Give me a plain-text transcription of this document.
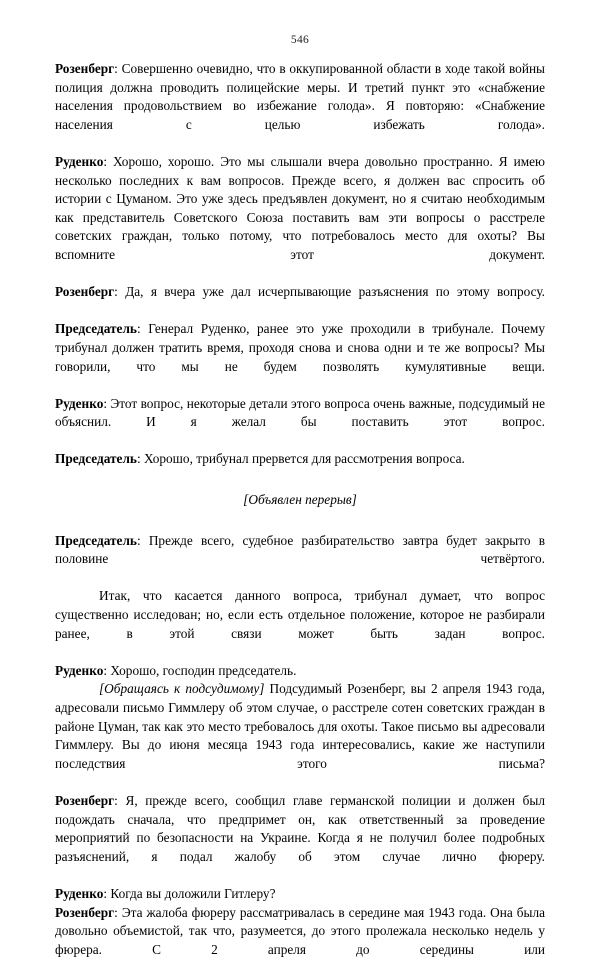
546

Розенберг: Совершенно очевидно, что в оккупированной области в ходе такой войны полиция должна проводить полицейские меры. И третий пункт это «снабжение населения продовольствием во избежание голода». Я повторяю: «Снабжение населения с целью избежать голода».

Руденко: Хорошо, хорошо. Это мы слышали вчера довольно пространно. Я имею несколько последних к вам вопросов. Прежде всего, я должен вас спросить об истории с Цуманом. Это уже здесь предъявлен документ, но я считаю необходимым как представитель Советского Союза поставить вам эти вопросы о расстреле советских граждан, только потому, что потребовалось место для охоты? Вы вспомните этот документ.

Розенберг: Да, я вчера уже дал исчерпывающие разъяснения по этому вопросу.

Председатель: Генерал Руденко, ранее это уже проходили в трибунале. Почему трибунал должен тратить время, проходя снова и снова одни и те же вопросы? Мы говорили, что мы не будем позволять кумулятивные вещи.

Руденко: Этот вопрос, некоторые детали этого вопроса очень важные, подсудимый не объяснил. И я желал бы поставить этот вопрос.

Председатель: Хорошо, трибунал прервется для рассмотрения вопроса.

[Объявлен перерыв]

Председатель: Прежде всего, судебное разбирательство завтра будет закрыто в половине четвёртого.

Итак, что касается данного вопроса, трибунал думает, что вопрос существенно исследован; но, если есть отдельное положение, которое не разбирали ранее, в этой связи может быть задан вопрос.

Руденко: Хорошо, господин председатель.

[Обращаясь к подсудимому] Подсудимый Розенберг, вы 2 апреля 1943 года, адресовали письмо Гиммлеру об этом случае, о расстреле сотен советских граждан в районе Цуман, так как это место требовалось для охоты. Такое письмо вы адресовали Гиммлеру. Вы до июня месяца 1943 года интересовались, какие же наступили последствия этого письма?

Розенберг: Я, прежде всего, сообщил главе германской полиции и должен был подождать сначала, что предпримет он, как ответственный за проведение мероприятий по безопасности на Украине. Когда я не получил более подробных разъяснений, я подал жалобу об этом случае лично фюреру.

Руденко: Когда вы доложили Гитлеру?

Розенберг: Эта жалоба фюреру рассматривалась в середине мая 1943 года. Она была довольно объемистой, так что, разумеется, до этого пролежала несколько недель у фюрера. С 2 апреля до середины или
